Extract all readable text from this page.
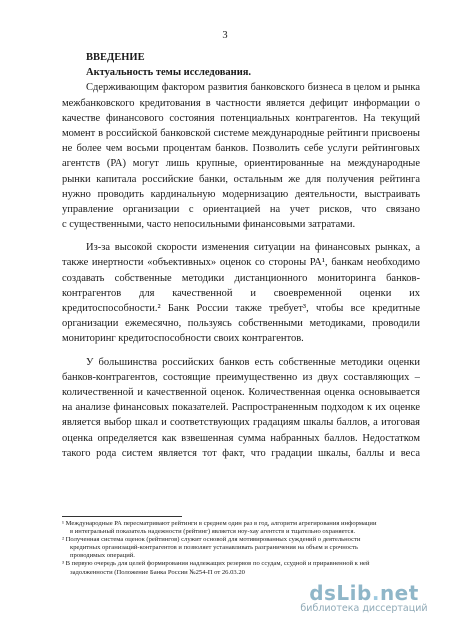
3
ВВЕДЕНИЕ
Актуальность темы исследования.
Сдерживающим фактором развития банковского бизнеса в целом и рынка
межбанковского кредитования в частности является дефицит информации о
качестве финансового состояния потенциальных контрагентов. На текущий
момент в российской банковской системе международные рейтинги присвоены
не более чем восьми процентам банков. Позволить себе услуги рейтинговых
агентств (РА) могут лишь крупные, ориентированные на международные
рынки капитала российские банки, остальным же для получения рейтинга
нужно проводить кардинальную модернизацию деятельности, выстраивать
управление организации с ориентацией на учет рисков, что связано
с существенными, часто непосильными финансовыми затратами.
Из-за высокой скорости изменения ситуации на финансовых рынках, а
также инертности «объективных» оценок со стороны РА¹, банкам необходимо
создавать собственные методики дистанционного мониторинга банков-
контрагентов для качественной и своевременной оценки их
кредитоспособности.² Банк России также требует³, чтобы все кредитные
организации ежемесячно, пользуясь собственными методиками, проводили
мониторинг кредитоспособности своих контрагентов.
У большинства российских банков есть собственные методики оценки
банков-контрагентов, состоящие преимущественно из двух составляющих –
количественной и качественной оценок. Количественная оценка основывается
на анализе финансовых показателей. Распространенным подходом к их оценке
является выбор шкал и соответствующих градациям шкалы баллов, а итоговая
оценка определяется как взвешенная сумма набранных баллов. Недостатком
такого рода систем является тот факт, что градации шкалы, баллы и веса
¹ Международные РА пересматривают рейтинги в среднем один раз в год, алгоритм агрегирования информации
в интегральный показатель надежности (рейтинг) является ноу-хау агентств и тщательно охраняется.
² Полученная система оценок (рейтингов) служит основой для мотивированных суждений о деятельности
кредитных организаций-контрагентов и позволяет устанавливать разграничения на объем и срочность
проводимых операций.
³ В первую очередь для целей формирования надлежащих резервов по ссудам, ссудной и приравненной к ней
задолженности (Положение Банка России №254-П от 26.03.20
dsLib.net
библиотека диссертаций
